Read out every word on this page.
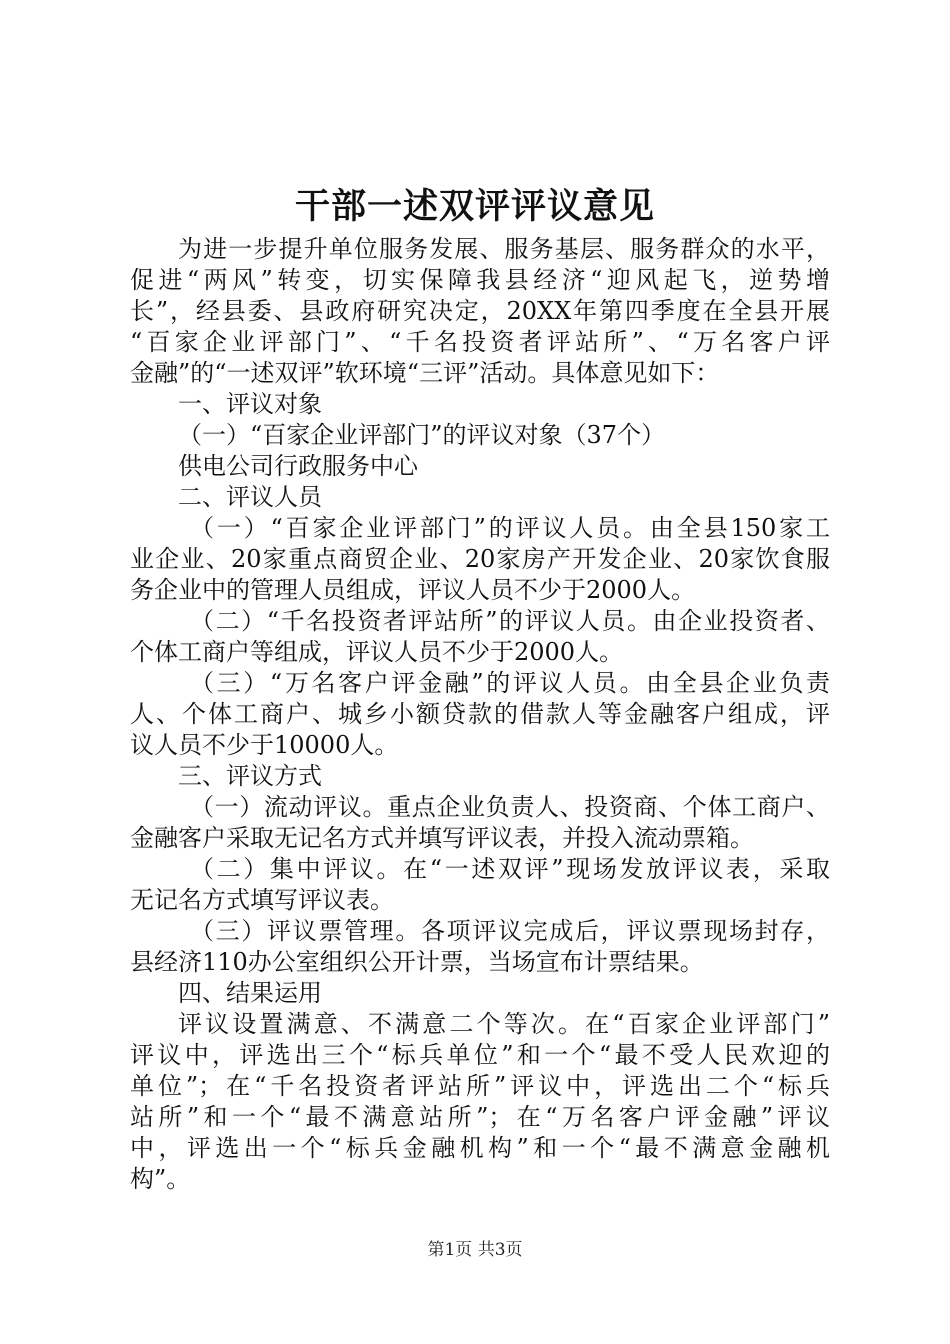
干部一述双评评议意见
为进一步提升单位服务发展、服务基层、服务群众的水平，
促进“两风”转变，切实保障我县经济“迎风起飞，逆势增
长”，经县委、县政府研究决定，20XX年第四季度在全县开展
“百家企业评部门”、“千名投资者评站所”、“万名客户评
金融”的“一述双评”软环境“三评”活动。具体意见如下：
一、评议对象
（一）“百家企业评部门”的评议对象（37个）
供电公司行政服务中心
二、评议人员
（一）“百家企业评部门”的评议人员。由全县150家工
业企业、20家重点商贸企业、20家房产开发企业、20家饮食服
务企业中的管理人员组成，评议人员不少于2000人。
（二）“千名投资者评站所”的评议人员。由企业投资者、
个体工商户等组成，评议人员不少于2000人。
（三）“万名客户评金融”的评议人员。由全县企业负责
人、个体工商户、城乡小额贷款的借款人等金融客户组成，评
议人员不少于10000人。
三、评议方式
（一）流动评议。重点企业负责人、投资商、个体工商户、
金融客户采取无记名方式并填写评议表，并投入流动票箱。
（二）集中评议。在“一述双评”现场发放评议表，采取
无记名方式填写评议表。
（三）评议票管理。各项评议完成后，评议票现场封存，
县经济110办公室组织公开计票，当场宣布计票结果。
四、结果运用
评议设置满意、不满意二个等次。在“百家企业评部门”
评议中，评选出三个“标兵单位”和一个“最不受人民欢迎的
单位”；在“千名投资者评站所”评议中，评选出二个“标兵
站所”和一个“最不满意站所”；在“万名客户评金融”评议
中，评选出一个“标兵金融机构”和一个“最不满意金融机
构”。
第1页 共3页
